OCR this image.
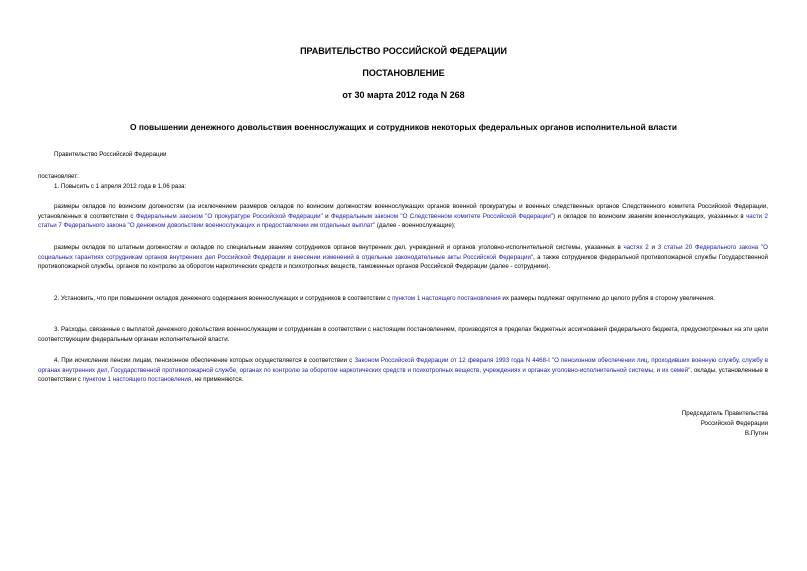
ПРАВИТЕЛЬСТВО РОССИЙСКОЙ ФЕДЕРАЦИИ
ПОСТАНОВЛЕНИЕ
от 30 марта 2012 года N 268
О повышении денежного довольствия военнослужащих и сотрудников некоторых федеральных органов исполнительной власти
Правительство Российской Федерации
постановляет:
1. Повысить с 1 апреля 2012 года в 1,06 раза:
размеры окладов по воинским должностям (за исключением размеров окладов по воинским должностям военнослужащих органов военной прокуратуры и военных следственных органов Следственного комитета Российской Федерации, установленных в соответствии с Федеральным законом "О прокуратуре Российской Федерации" и Федеральным законом "О Следственном комитете Российской Федерации") и окладов по воинским званиям военнослужащих, указанных в части 2 статьи 7 Федерального закона "О денежном довольствии военнослужащих и предоставлении им отдельных выплат" (далее - военнослужащие);
размеры окладов по штатным должностям и окладов по специальным званиям сотрудников органов внутренних дел, учреждений и органов уголовно-исполнительной системы, указанных в частях 2 и 3 статьи 20 Федерального закона "О социальных гарантиях сотрудникам органов внутренних дел Российской Федерации и внесении изменений в отдельные законодательные акты Российской Федерации", а также сотрудников федеральной противопожарной службы Государственной противопожарной службы, органов по контролю за оборотом наркотических средств и психотропных веществ, таможенных органов Российской Федерации (далее - сотрудники).
2. Установить, что при повышении окладов денежного содержания военнослужащих и сотрудников в соответствии с пунктом 1 настоящего постановления их размеры подлежат округлению до целого рубля в сторону увеличения.
3. Расходы, связанные с выплатой денежного довольствия военнослужащим и сотрудникам в соответствии с настоящим постановлением, производятся в пределах бюджетных ассигнований федерального бюджета, предусмотренных на эти цели соответствующим федеральным органам исполнительной власти.
4. При исчислении пенсии лицам, пенсионное обеспечение которых осуществляется в соответствии с Законом Российской Федерации от 12 февраля 1993 года N 4468-I "О пенсионном обеспечении лиц, проходивших военную службу, службу в органах внутренних дел, Государственной противопожарной службе, органах по контролю за оборотом наркотических средств и психотропных веществ, учреждениях и органах уголовно-исполнительной системы, и их семей", оклады, установленные в соответствии с пунктом 1 настоящего постановления, не применяются.
Председатель Правительства
Российской Федерации
В.Путин
